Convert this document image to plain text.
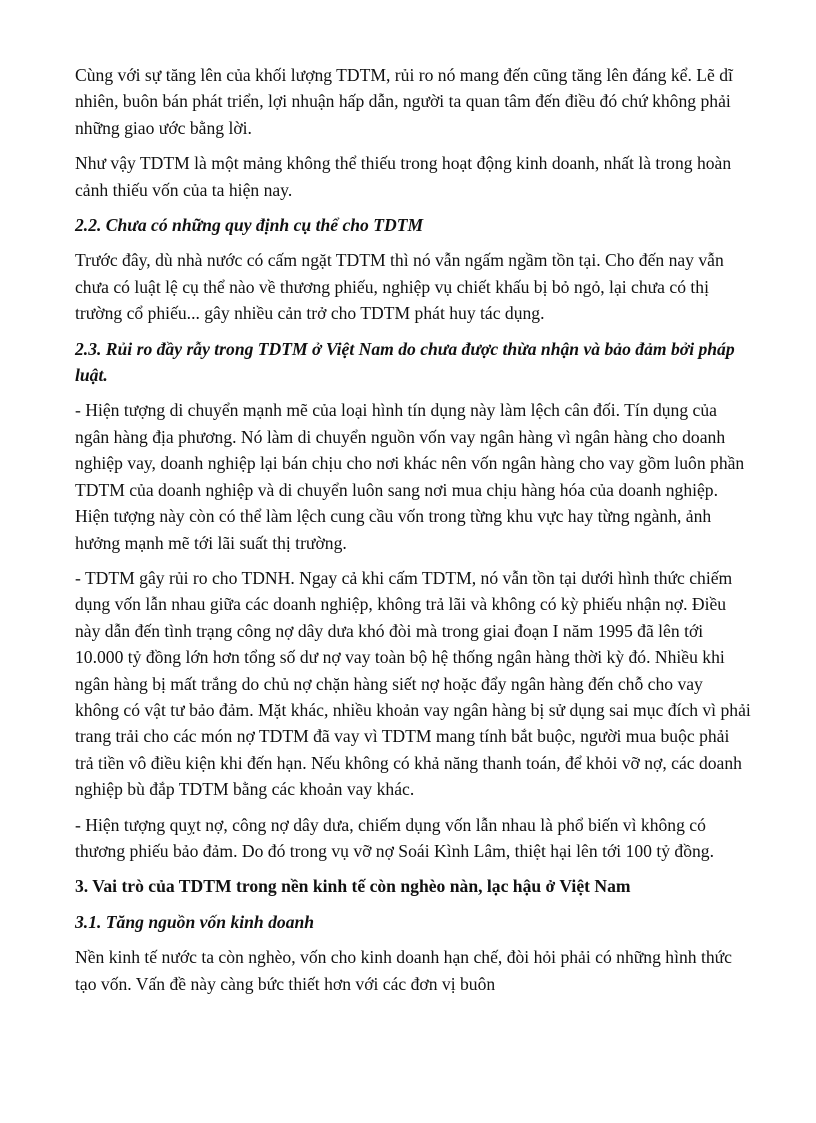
Cùng với sự tăng lên của khối lượng TDTM, rủi ro nó mang đến cũng tăng lên đáng kể. Lẽ dĩ nhiên, buôn bán phát triển, lợi nhuận hấp dẫn, người ta quan tâm đến điều đó chứ không phải những giao ước bằng lời.

Như vậy TDTM là một mảng không thể thiếu trong hoạt động kinh doanh, nhất là trong hoàn cảnh thiếu vốn của ta hiện nay.

2.2. Chưa có những quy định cụ thể cho TDTM

Trước đây, dù nhà nước có cấm ngặt TDTM thì nó vẫn ngấm ngầm tồn tại. Cho đến nay vẫn chưa có luật lệ cụ thể nào về thương phiếu, nghiệp vụ chiết khấu bị bỏ ngỏ, lại chưa có thị trường cổ phiếu... gây nhiều cản trở cho TDTM phát huy tác dụng.

2.3. Rủi ro đầy rẫy trong TDTM ở Việt Nam do chưa được thừa nhận và bảo đảm bởi pháp luật.

- Hiện tượng di chuyển mạnh mẽ của loại hình tín dụng này làm lệch cân đối. Tín dụng của ngân hàng địa phương. Nó làm di chuyển nguồn vốn vay ngân hàng vì ngân hàng cho doanh nghiệp vay, doanh nghiệp lại bán chịu cho nơi khác nên vốn ngân hàng cho vay gồm luôn phần TDTM của doanh nghiệp và di chuyển luôn sang nơi mua chịu hàng hóa của doanh nghiệp. Hiện tượng này còn có thể làm lệch cung cầu vốn trong từng khu vực hay từng ngành, ảnh hưởng mạnh mẽ tới lãi suất thị trường.

- TDTM gây rủi ro cho TDNH. Ngay cả khi cấm TDTM, nó vẫn tồn tại dưới hình thức chiếm dụng vốn lẫn nhau giữa các doanh nghiệp, không trả lãi và không có kỳ phiếu nhận nợ. Điều này dẫn đến tình trạng công nợ dây dưa khó đòi mà trong giai đoạn I năm 1995 đã lên tới 10.000 tỷ đồng lớn hơn tổng số dư nợ vay toàn bộ hệ thống ngân hàng thời kỳ đó. Nhiều khi ngân hàng bị mất trắng do chủ nợ chặn hàng siết nợ hoặc đẩy ngân hàng đến chỗ cho vay không có vật tư bảo đảm. Mặt khác, nhiều khoản vay ngân hàng bị sử dụng sai mục đích vì phải trang trải cho các món nợ TDTM đã vay vì TDTM mang tính bắt buộc, người mua buộc phải trả tiền vô điều kiện khi đến hạn. Nếu không có khả năng thanh toán, để khỏi vỡ nợ, các doanh nghiệp bù đắp TDTM bằng các khoản vay khác.

- Hiện tượng quỵt nợ, công nợ dây dưa, chiếm dụng vốn lẫn nhau là phổ biến vì không có thương phiếu bảo đảm. Do đó trong vụ vỡ nợ Soái Kình Lâm, thiệt hại lên tới 100 tỷ đồng.

3. Vai trò của TDTM trong nền kinh tế còn nghèo nàn, lạc hậu ở Việt Nam
3.1. Tăng nguồn vốn kinh doanh

Nền kinh tế nước ta còn nghèo, vốn cho kinh doanh hạn chế, đòi hỏi phải có những hình thức tạo vốn. Vấn đề này càng bức thiết hơn với các đơn vị buôn
